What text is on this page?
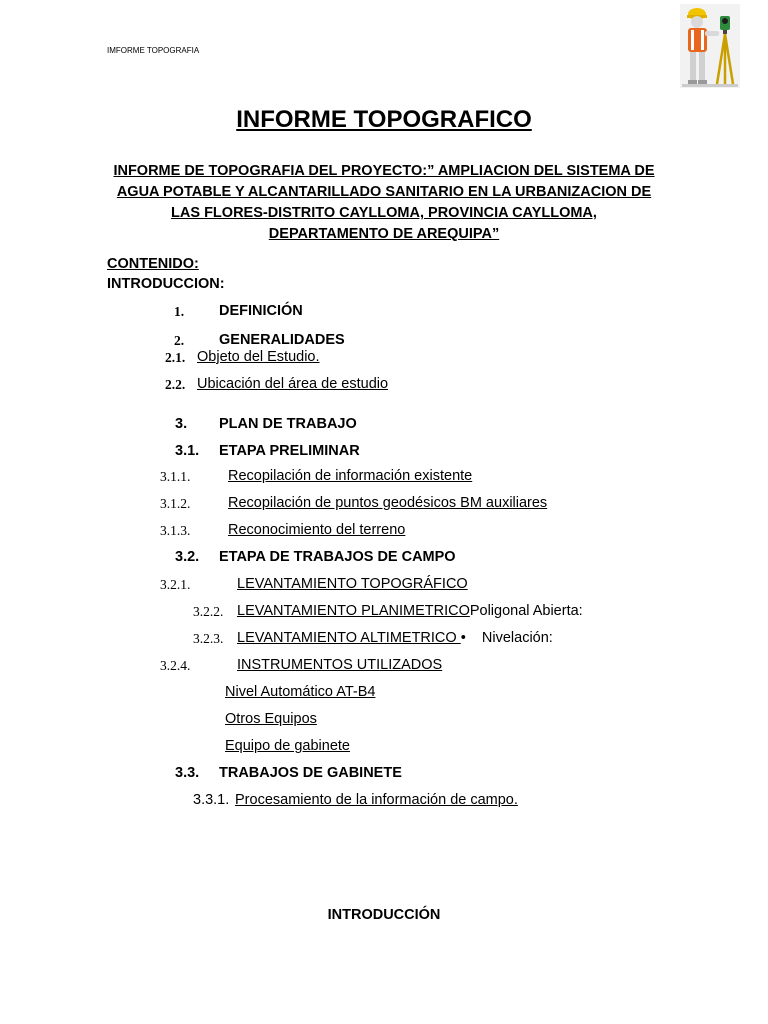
IMFORME TOPOGRAFIA
INFORME TOPOGRAFICO
INFORME DE TOPOGRAFIA DEL PROYECTO:” AMPLIACION DEL SISTEMA DE AGUA POTABLE Y ALCANTARILLADO SANITARIO EN LA URBANIZACION DE LAS FLORES-DISTRITO CAYLLOMA, PROVINCIA CAYLLOMA, DEPARTAMENTO DE AREQUIPA”
CONTENIDO:
INTRODUCCION:
1. DEFINICIÓN
2. GENERALIDADES
2.1. Objeto del Estudio.
2.2. Ubicación del área de estudio
3. PLAN DE TRABAJO
3.1. ETAPA PRELIMINAR
3.1.1.	Recopilación de información existente
3.1.2.	Recopilación de puntos geodésicos BM auxiliares
3.1.3.	Reconocimiento del terreno
3.2. ETAPA DE TRABAJOS DE CAMPO
3.2.1.	LEVANTAMIENTO TOPOGRÁFICO
3.2.2. LEVANTAMIENTO PLANIMETRICOPoligonal Abierta:
3.2.3. LEVANTAMIENTO ALTIMETRICO •    Nivelación:
3.2.4.	INSTRUMENTOS UTILIZADOS
Nivel Automático AT-B4
Otros Equipos
Equipo de gabinete
3.3. TRABAJOS DE GABINETE
3.3.1. Procesamiento de la información de campo.
INTRODUCCIÓN
